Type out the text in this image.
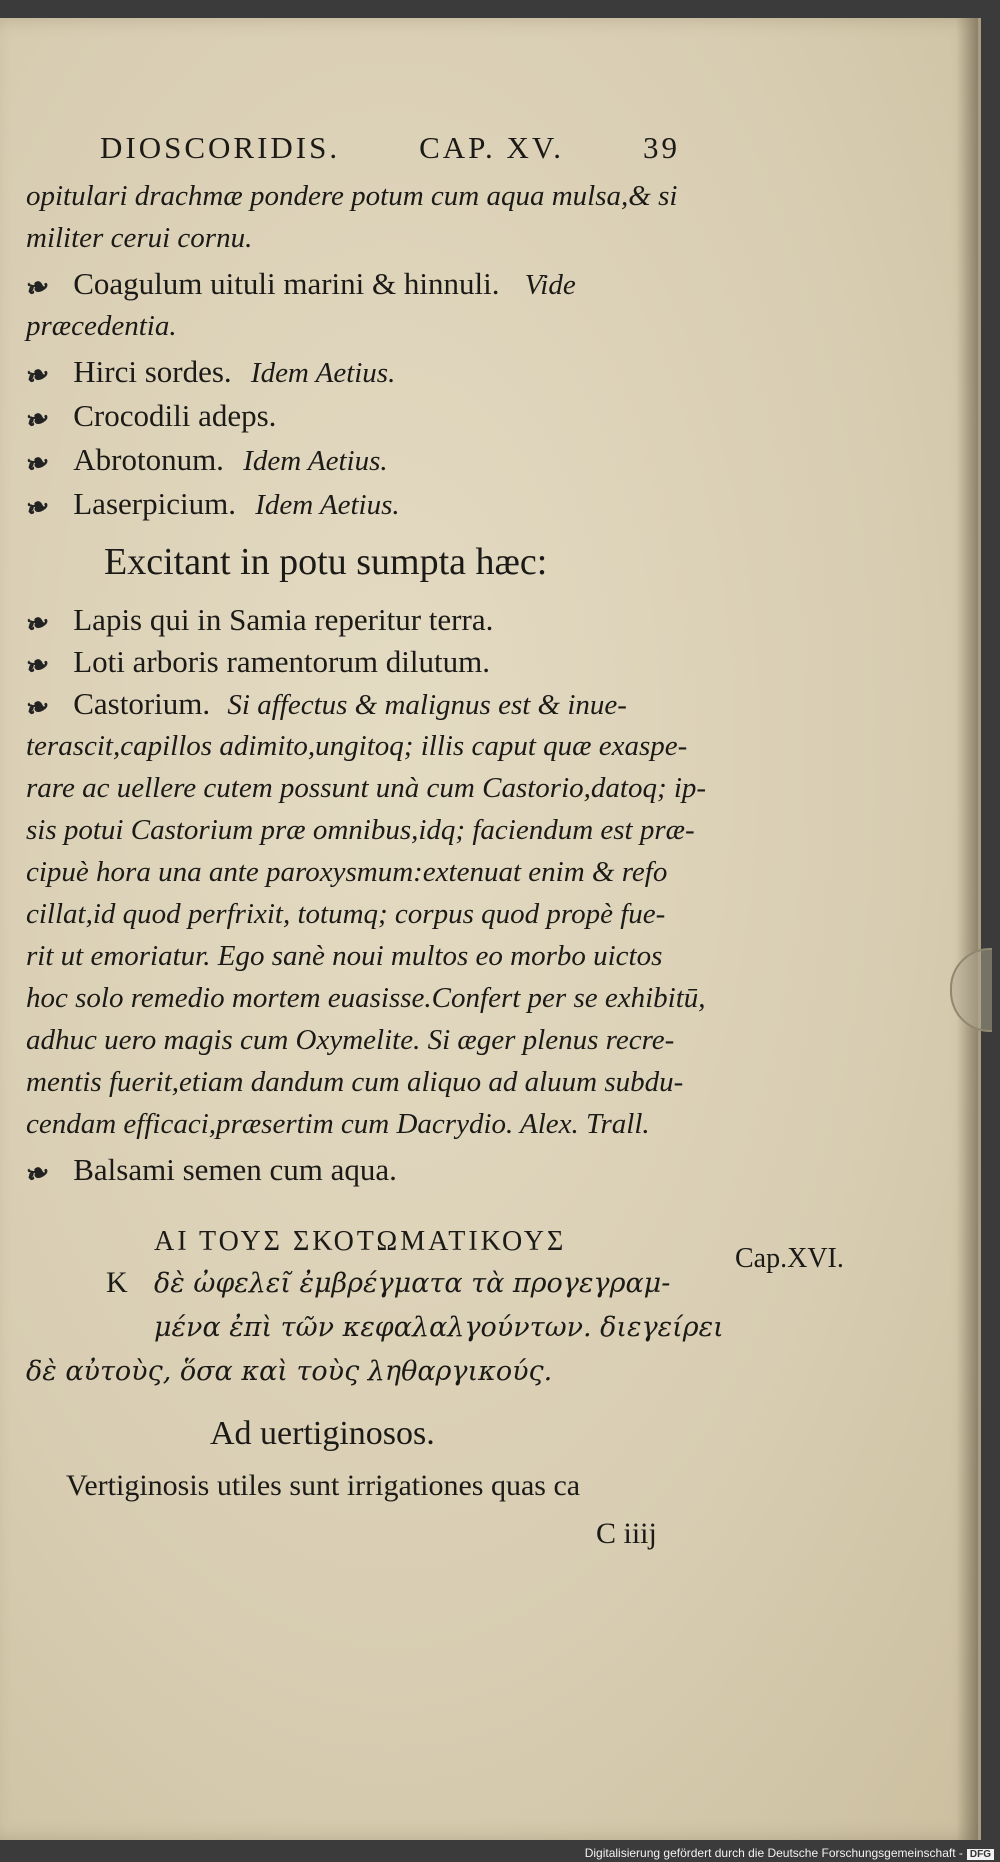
DIOSCORIDIS.	CAP. XV.	39
opitulari drachmæ pondere potum cum aqua mulsa,& si
militer cerui cornu.
❧ Coagulum uituli marini & hinnuli. Vide
præcedentia.
❧ Hirci sordes. Idem Aetius.
❧ Crocodili adeps.
❧ Abrotonum. Idem Aetius.
❧ Laserpicium. Idem Aetius.
Excitant in potu sumpta hæc:
❧ Lapis qui in Samia reperitur terra.
❧ Loti arboris ramentorum dilutum.
❧ Castorium. Si affectus & malignus est & inue-
terascit,capillos adimito,ungitoq; illis caput quæ exaspe-
rare ac uellere cutem possunt unà cum Castorio,datoq; ip-
sis potui Castorium præ omnibus,idq; faciendum est præ-
cipuè hora una ante paroxysmum:extenuat enim & refo
cillat,id quod perfrixit, totumq; corpus quod propè fue-
rit ut emoriatur. Ego sanè noui multos eo morbo uictos
hoc solo remedio mortem euasisse.Confert per se exhibitū,
adhuc uero magis cum Oxymelite. Si æger plenus recre-
mentis fuerit,etiam dandum cum aliquo ad aluum subdu-
cendam efficaci,præsertim cum Dacrydio. Alex. Trall.
❧ Balsami semen cum aqua.
ΑΙ ΤΟΥΣ ΣΚΟΤΩΜΑΤΙΚΟΥΣ
Κ δὲ ὠφελεῖ ἐμβρέγματα τὰ προγεγραμ-
μένα ἐπὶ τῶν κεφαλαλγούντων. διεγείρει
δὲ αὐτοὺς, ὅσα καὶ τοὺς ληθαργικούς.
Ad uertiginosos.
Vertiginosis utiles sunt irrigationes quas ca
C iiij
Cap.XVI.
Digitalisierung gefördert durch die Deutsche Forschungsgemeinschaft - DFG
